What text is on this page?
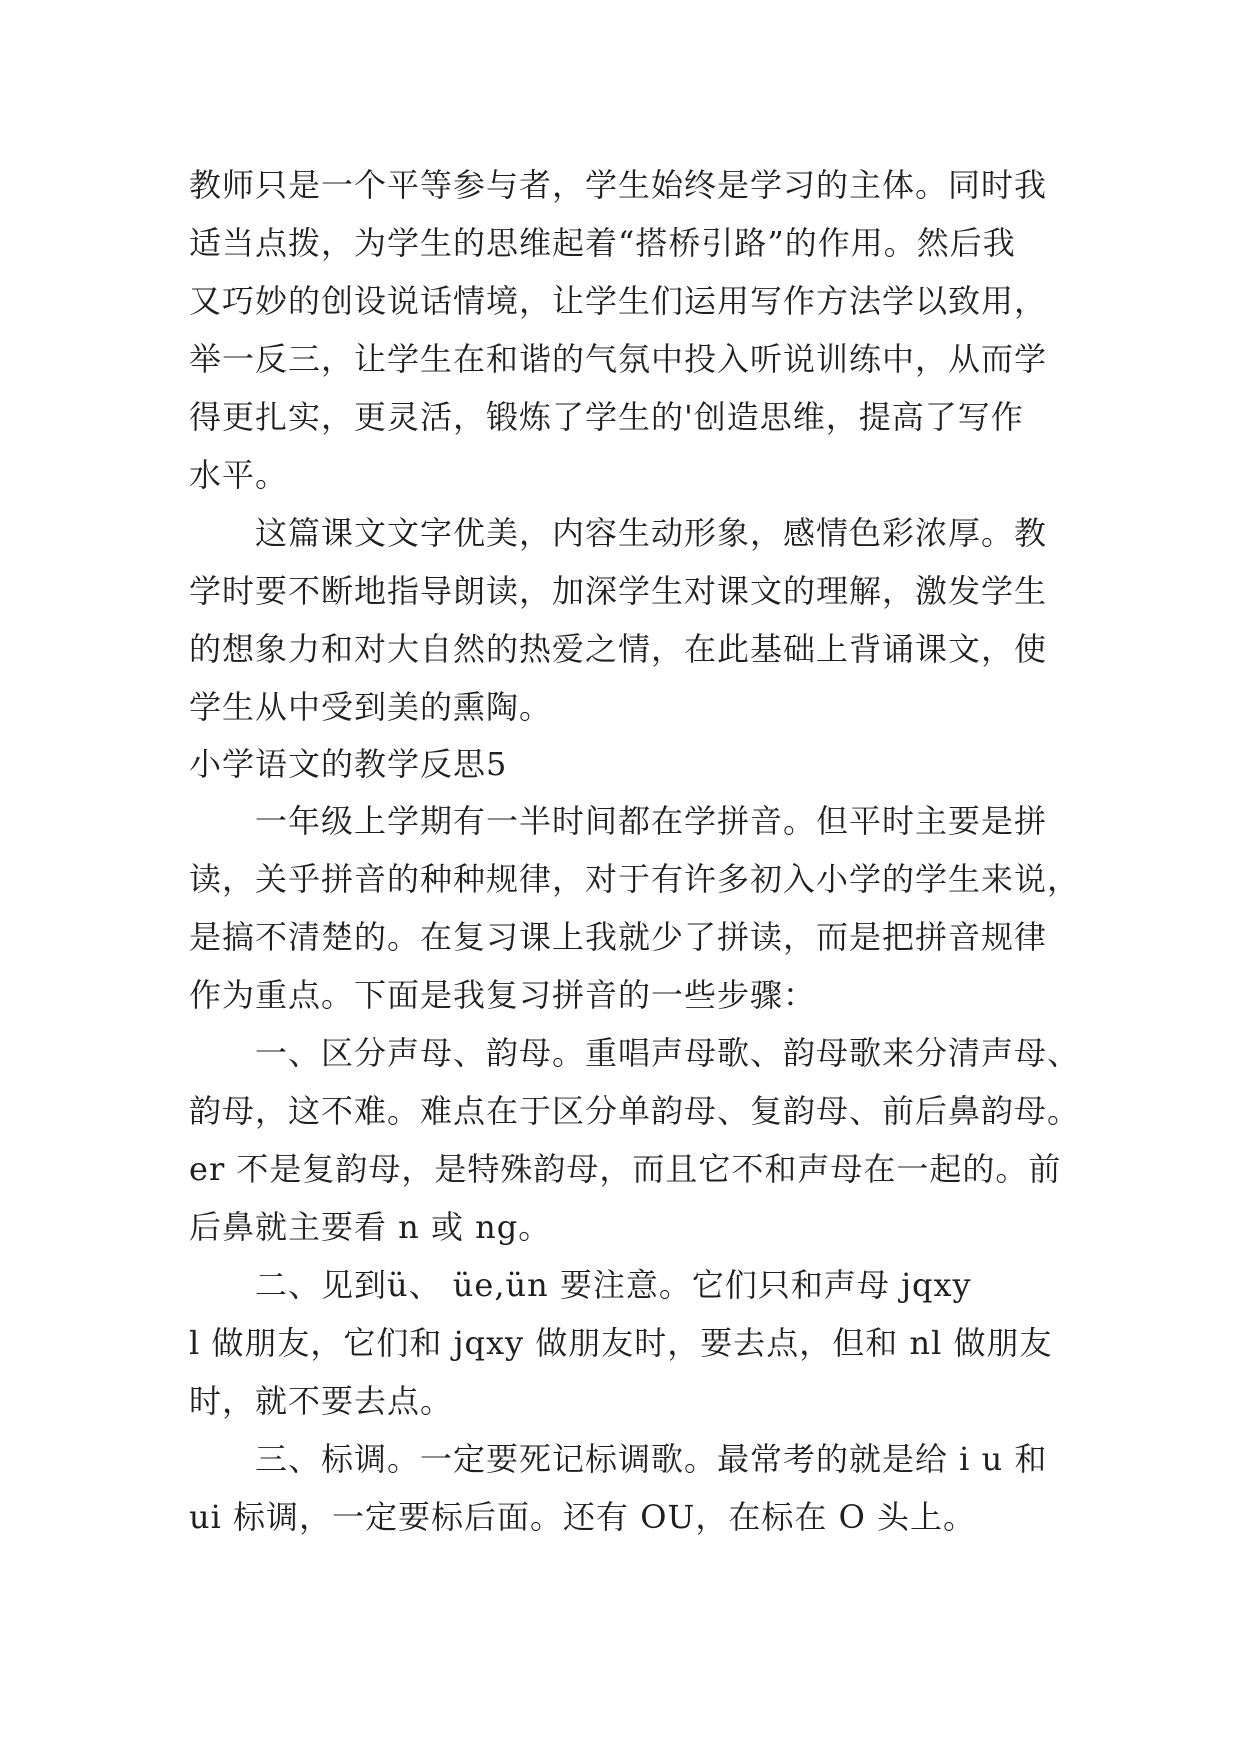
教师只是一个平等参与者，学生始终是学习的主体。同时我
适当点拨，为学生的思维起着“搭桥引路”的作用。然后我
又巧妙的创设说话情境，让学生们运用写作方法学以致用，
举一反三，让学生在和谐的气氛中投入听说训练中，从而学
得更扎实，更灵活，锻炼了学生的'创造思维，提高了写作
水平。
这篇课文文字优美，内容生动形象，感情色彩浓厚。教
学时要不断地指导朗读，加深学生对课文的理解，激发学生
的想象力和对大自然的热爱之情，在此基础上背诵课文，使
学生从中受到美的熏陶。
小学语文的教学反思5
一年级上学期有一半时间都在学拼音。但平时主要是拼
读，关乎拼音的种种规律，对于有许多初入小学的学生来说，
是搞不清楚的。在复习课上我就少了拼读，而是把拼音规律
作为重点。下面是我复习拼音的一些步骤：
一、区分声母、韵母。重唱声母歌、韵母歌来分清声母、
韵母，这不难。难点在于区分单韵母、复韵母、前后鼻韵母。
er 不是复韵母，是特殊韵母，而且它不和声母在一起的。前
后鼻就主要看 n 或 ng。
二、见到ü、 üe,ün 要注意。它们只和声母 jqxy
l 做朋友，它们和 jqxy 做朋友时，要去点，但和 nl 做朋友
时，就不要去点。
三、标调。一定要死记标调歌。最常考的就是给 i u 和
ui 标调，一定要标后面。还有 OU，在标在 O 头上。
